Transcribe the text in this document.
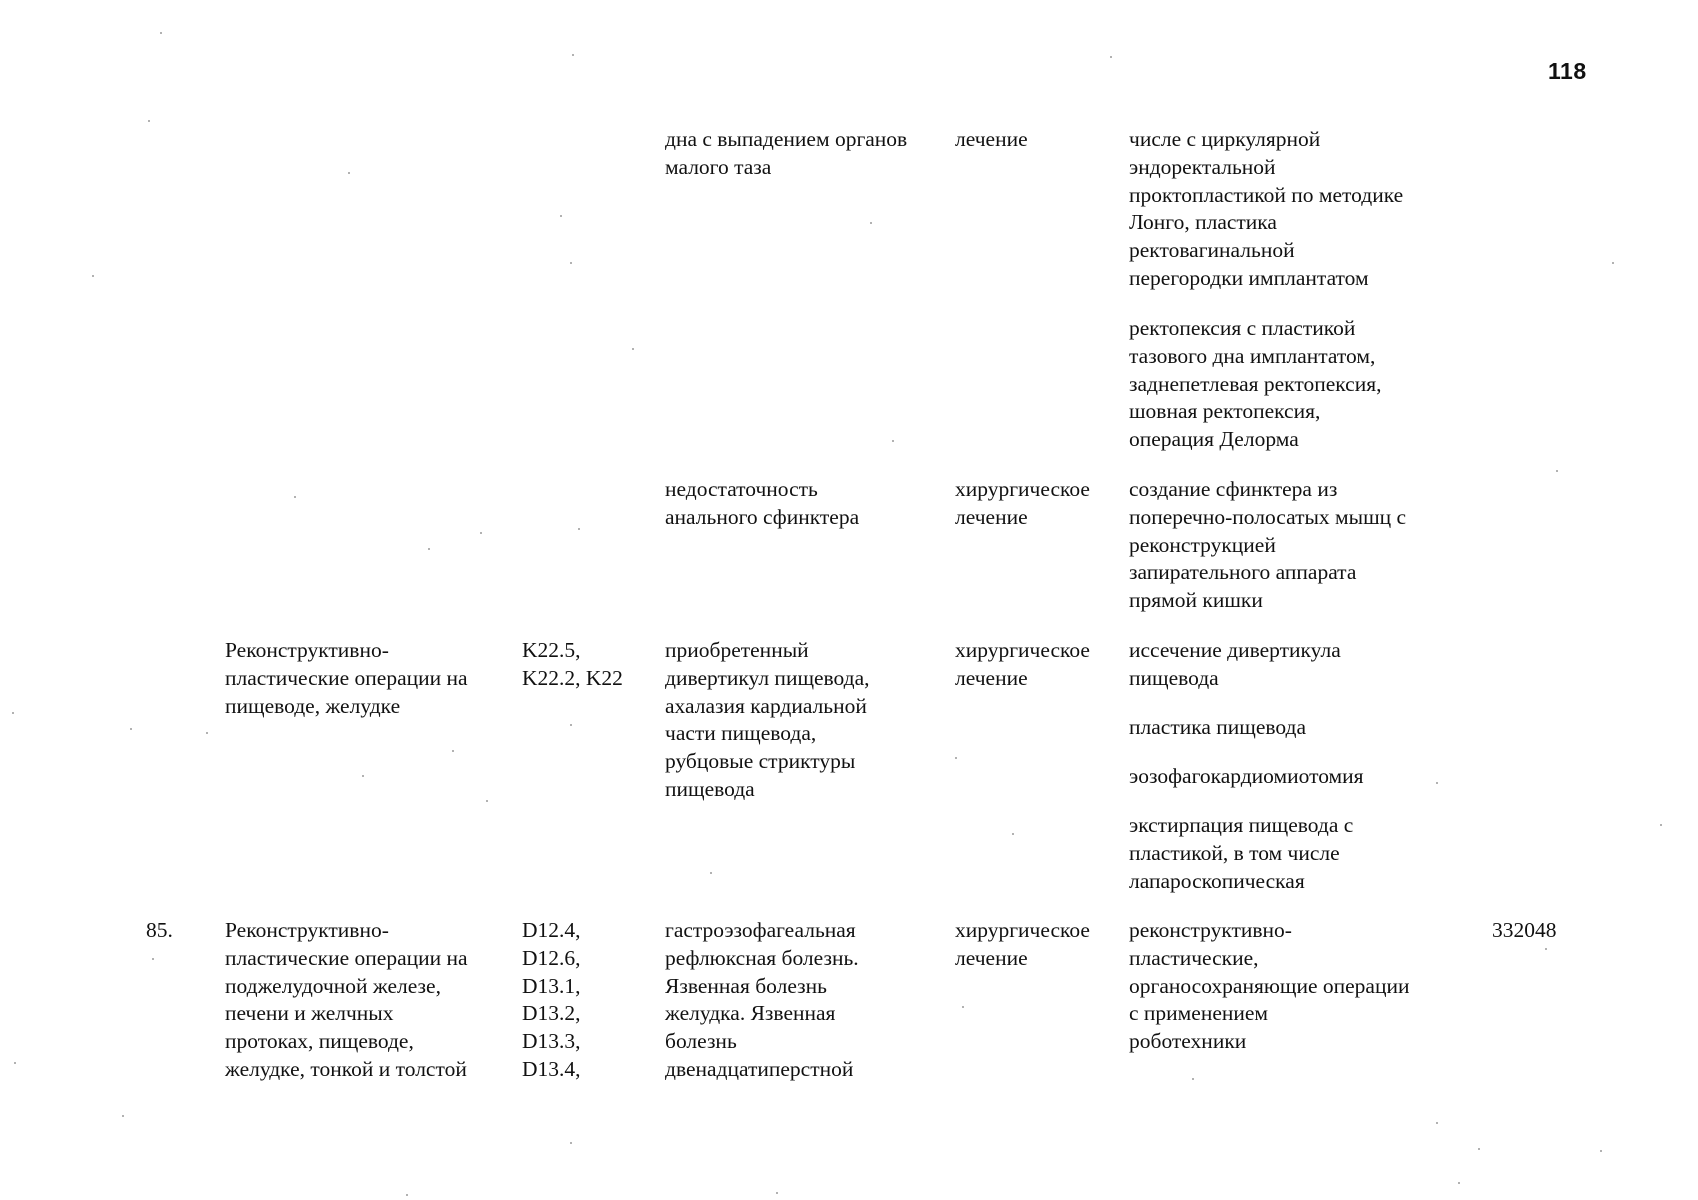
118
дна с выпадением органов
малого таза
лечение	числе с циркулярной
эндоректальной
проктопластикой по методике
Лонго, пластика
ректовагинальной
перегородки имплантатом
ректопексия с пластикой
тазового дна имплантатом,
заднепетлевая ректопексия,
шовная ректопексия,
операция Делорма
недостаточность
анального сфинктера
хирургическое
лечение
создание сфинктера из
поперечно-полосатых мышц с
реконструкцией
запирательного аппарата
прямой кишки
Реконструктивно-
пластические операции на
пищеводе, желудке
K22.5,
K22.2, K22
приобретенный
дивертикул пищевода,
ахалазия кардиальной
части пищевода,
рубцовые стриктуры
пищевода
хирургическое
лечение
иссечение дивертикула
пищевода
пластика пищевода
эозофагокардиомиотомия
экстирпация пищевода с
пластикой, в том числе
лапароскопическая
85. Реконструктивно-
пластические операции на
поджелудочной железе,
печени и желчных
протоках, пищеводе,
желудке, тонкой и толстой
D12.4,
D12.6,
D13.1,
D13.2,
D13.3,
D13.4,
гастроэзофагеальная
рефлюксная болезнь.
Язвенная болезнь
желудка. Язвенная
болезнь
двенадцатиперстной
хирургическое
лечение
реконструктивно-
пластические,
органосохраняющие операции
с применением
роботехники
332048
